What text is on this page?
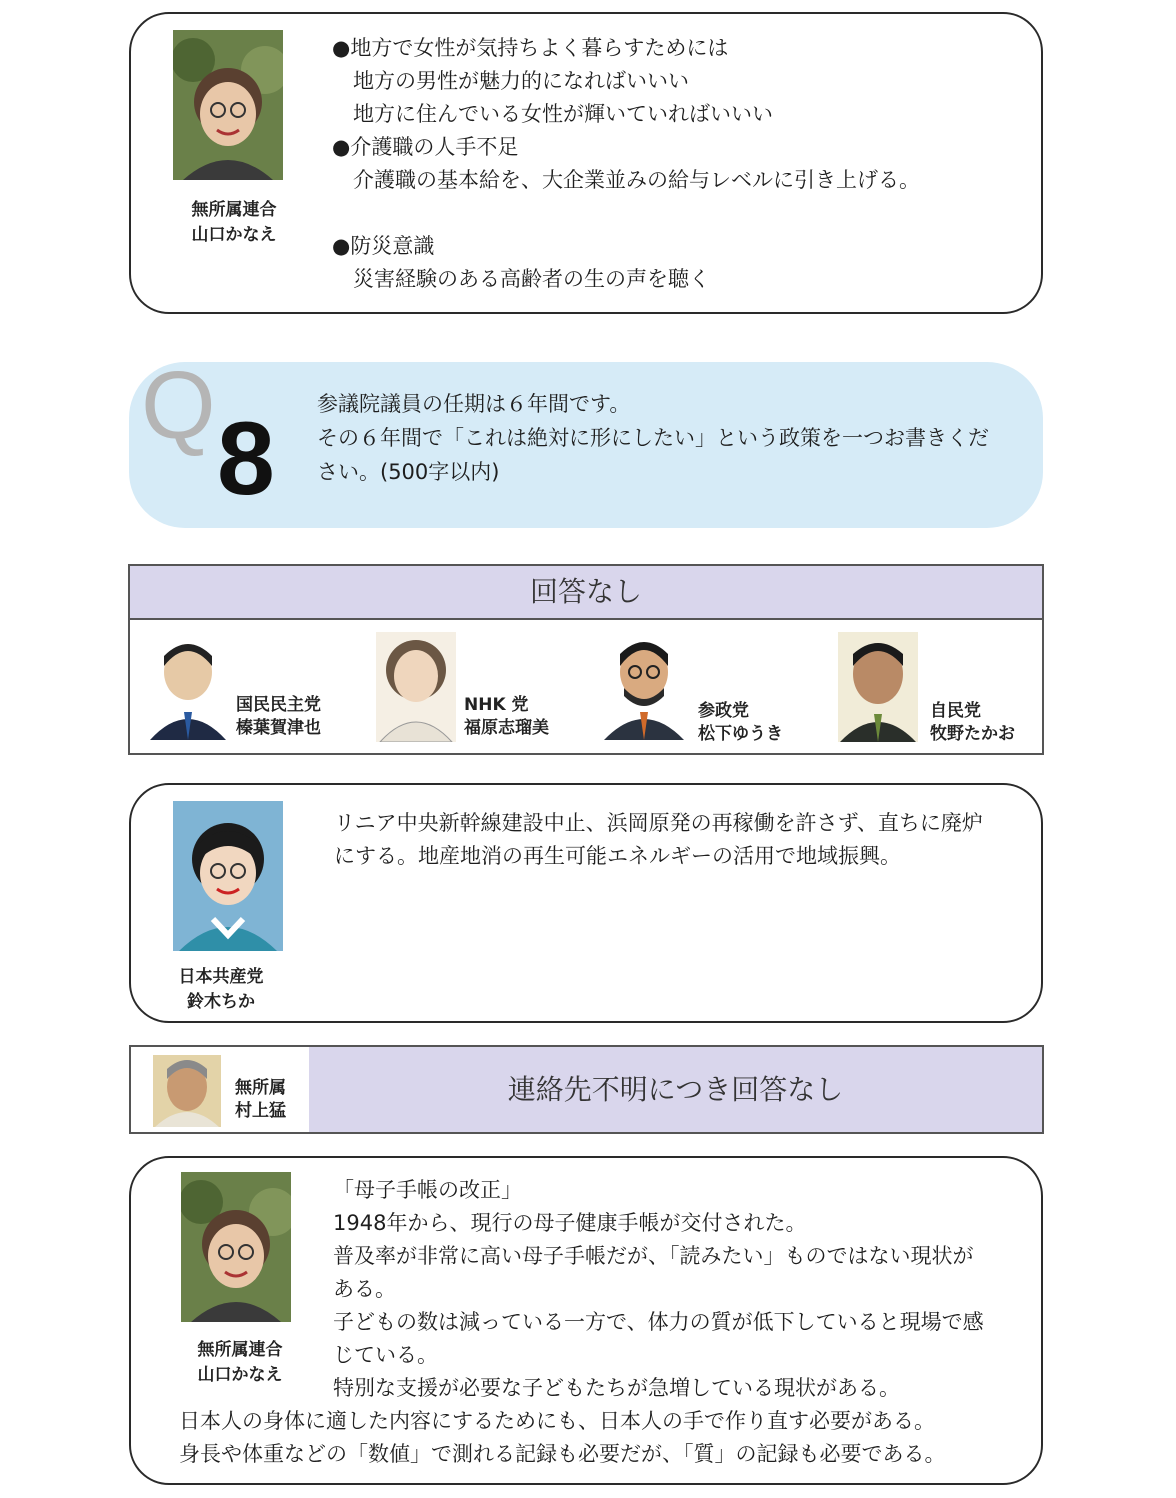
無所属連合
山口かなえ
●地方で女性が気持ちよく暮らすためには
　地方の男性が魅力的になればいいい
　地方に住んでいる女性が輝いていればいいい
●介護職の人手不足
　介護職の基本給を、大企業並みの給与レベルに引き上げる。
●防災意識
　災害経験のある高齢者の生の声を聴く
Q 8 参議院議員の任期は６年間です。
その６年間で「これは絶対に形にしたい」という政策を一つお書きくだ
さい。(500字以内)
回答なし
国民民主党
榛葉賀津也
NHK 党
福原志瑠美
参政党
松下ゆうき
自民党
牧野たかお
日本共産党
鈴木ちか
リニア中央新幹線建設中止、浜岡原発の再稼働を許さず、直ちに廃炉
にする。地産地消の再生可能エネルギーの活用で地域振興。
無所属
村上猛
連絡先不明につき回答なし
無所属連合
山口かなえ
「母子手帳の改正」
1948年から、現行の母子健康手帳が交付された。
普及率が非常に高い母子手帳だが、「読みたい」ものではない現状が
ある。
子どもの数は減っている一方で、体力の質が低下していると現場で感
じている。
特別な支援が必要な子どもたちが急増している現状がある。
日本人の身体に適した内容にするためにも、日本人の手で作り直す必要がある。
身長や体重などの「数値」で測れる記録も必要だが、「質」の記録も必要である。
